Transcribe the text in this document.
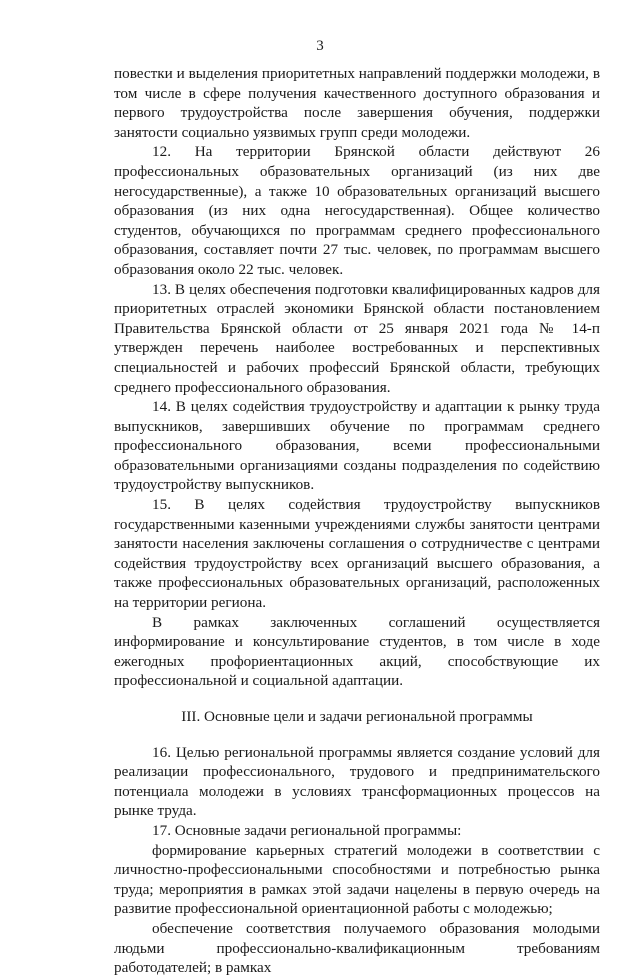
3

повестки и выделения приоритетных направлений поддержки молодежи, в том числе в сфере получения качественного доступного образования и первого трудоустройства после завершения обучения, поддержки занятости социально уязвимых групп среди молодежи.

12. На территории Брянской области действуют 26 профессиональных образовательных организаций (из них две негосударственные), а также 10 образовательных организаций высшего образования (из них одна негосударственная). Общее количество студентов, обучающихся по программам среднего профессионального образования, составляет почти 27 тыс. человек, по программам высшего образования около 22 тыс. человек.

13. В целях обеспечения подготовки квалифицированных кадров для приоритетных отраслей экономики Брянской области постановлением Правительства Брянской области от 25 января 2021 года № 14-п утвержден перечень наиболее востребованных и перспективных специальностей и рабочих профессий Брянской области, требующих среднего профессионального образования.

14. В целях содействия трудоустройству и адаптации к рынку труда выпускников, завершивших обучение по программам среднего профессионального образования, всеми профессиональными образовательными организациями созданы подразделения по содействию трудоустройству выпускников.

15. В целях содействия трудоустройству выпускников государственными казенными учреждениями службы занятости центрами занятости населения заключены соглашения о сотрудничестве с центрами содействия трудоустройству всех организаций высшего образования, а также профессиональных образовательных организаций, расположенных на территории региона.

В рамках заключенных соглашений осуществляется информирование и консультирование студентов, в том числе в ходе ежегодных профориентационных акций, способствующие их профессиональной и социальной адаптации.

III. Основные цели и задачи региональной программы

16. Целью региональной программы является создание условий для реализации профессионального, трудового и предпринимательского потенциала молодежи в условиях трансформационных процессов на рынке труда.

17. Основные задачи региональной программы:

формирование карьерных стратегий молодежи в соответствии с личностно-профессиональными способностями и потребностью рынка труда; мероприятия в рамках этой задачи нацелены в первую очередь на развитие профессиональной ориентационной работы с молодежью;

обеспечение соответствия получаемого образования молодыми людьми профессионально-квалификационным требованиям работодателей; в рамках
